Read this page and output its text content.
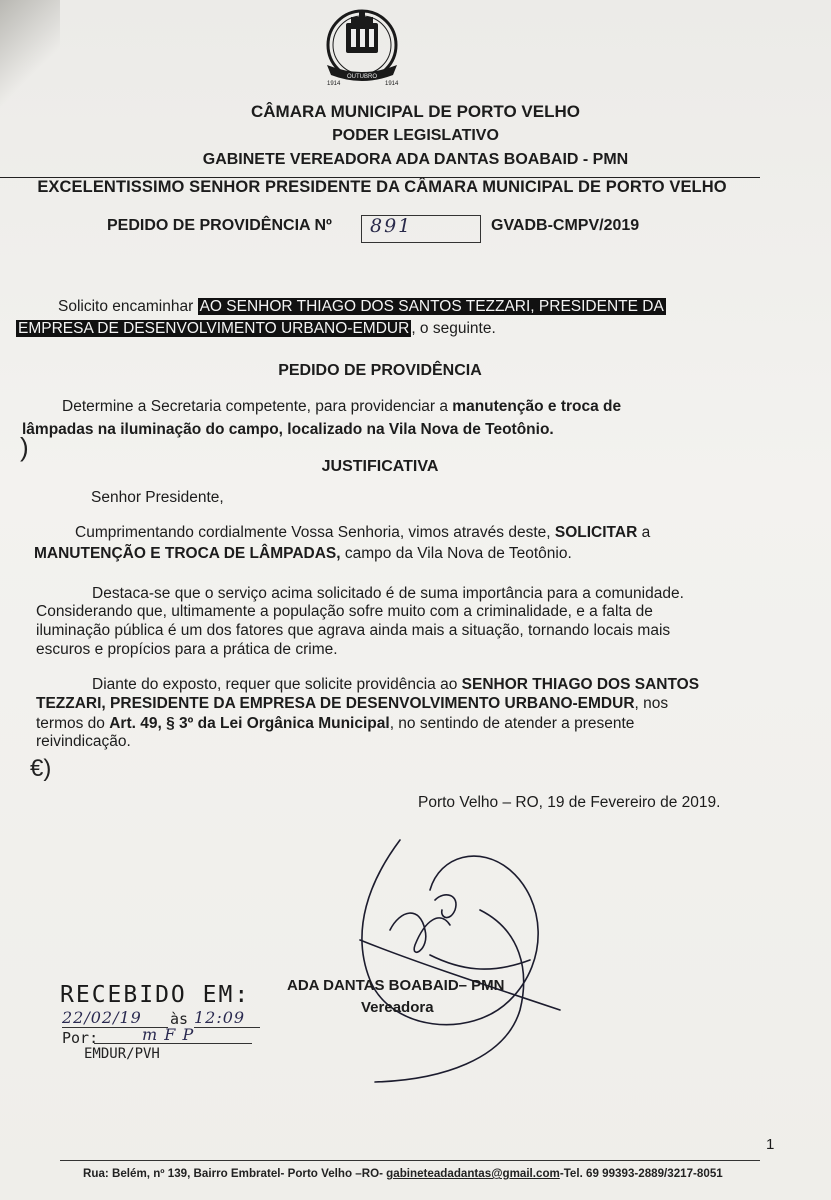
OUTUBRO
1914	1914
CÂMARA MUNICIPAL DE PORTO VELHO
PODER LEGISLATIVO
GABINETE VEREADORA ADA DANTAS BOABAID - PMN
EXCELENTISSIMO SENHOR PRESIDENTE DA CÂMARA MUNICIPAL DE PORTO VELHO
PEDIDO DE PROVIDÊNCIA Nº 891	GVADB-CMPV/2019
Solicito encaminhar AO SENHOR THIAGO DOS SANTOS TEZZARI, PRESIDENTE DA
EMPRESA DE DESENVOLVIMENTO URBANO-EMDUR , o seguinte.
PEDIDO DE PROVIDÊNCIA
Determine a Secretaria competente, para providenciar a manutenção e troca de
lâmpadas na iluminação do campo, localizado na Vila Nova de Teotônio.
)
JUSTIFICATIVA
Senhor Presidente,
Cumprimentando cordialmente Vossa Senhoria, vimos através deste, SOLICITAR a
MANUTENÇÃO E TROCA DE LÂMPADAS, campo da Vila Nova de Teotônio.
Destaca-se que o serviço acima solicitado é de suma importância para a comunidade.
Considerando que, ultimamente a população sofre muito com a criminalidade, e a falta de
iluminação pública é um dos fatores que agrava ainda mais a situação, tornando locais mais
escuros e propícios para a prática de crime.
Diante do exposto, requer que solicite providência ao SENHOR THIAGO DOS SANTOS
TEZZARI, PRESIDENTE DA EMPRESA DE DESENVOLVIMENTO URBANO-EMDUR, nos
termos do Art. 49, § 3º da Lei Orgânica Municipal, no sentindo de atender a presente
reivindicação.
€)
Porto Velho – RO, 19 de Fevereiro de 2019.
ADA DANTAS BOABAID– PMN
Vereadora
RECEBIDO EM:
22/02/19	às 12:09
Por:	m F P
EMDUR/PVH
1
Rua: Belém, nº 139, Bairro Embratel- Porto Velho –RO- gabineteadadantas@gmail.com-Tel. 69 99393-2889/3217-8051
